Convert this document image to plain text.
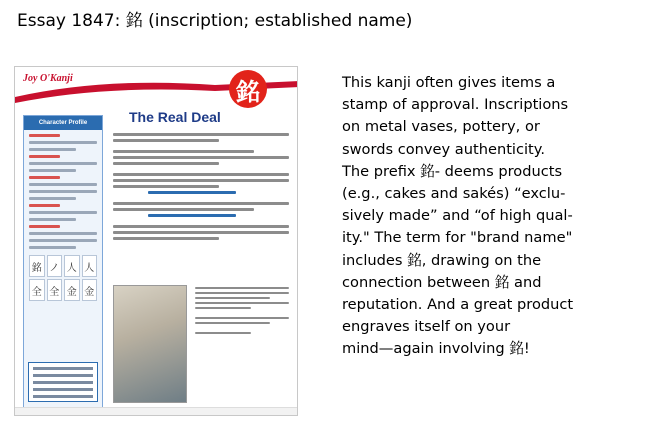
Essay 1847: 銘 (inscription; established name)
Joy O'Kanji	銘
The Real Deal
Character Profile
銘 ノ 人 人
全 全 金 金

This kanji often gives items a

stamp of approval. Inscriptions

on metal vases, pottery, or

swords convey authenticity.

The prefix 銘- deems products

(e.g., cakes and sakés) “exclu-

sively made” and “of high qual-

ity." The term for "brand name"

includes 銘, drawing on the

connection between 銘 and

reputation. And a great product

engraves itself on your

mind—again involving 銘!
